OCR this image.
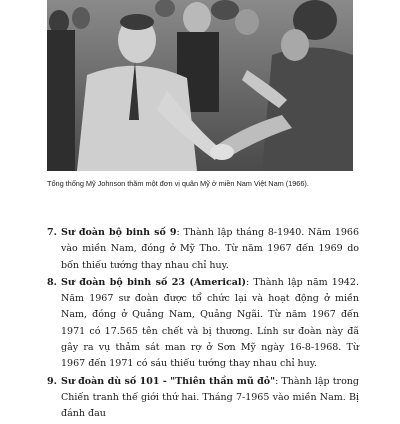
Tổng thống Mỹ Johnson thăm một đơn vị quân Mỹ ở miền Nam Việt Nam (1966).
7. Sư đoàn bộ binh số 9: Thành lập tháng 8-1940. Năm 1966 vào miền Nam, đóng ở Mỹ Tho. Từ năm 1967 đến 1969 do bốn thiếu tướng thay nhau chỉ huy.
8. Sư đoàn bộ binh số 23 (Americal): Thành lập năm 1942. Năm 1967 sư đoàn được tổ chức lại và hoạt động ở miền Nam, đóng ở Quảng Nam, Quảng Ngãi. Từ năm 1967 đến 1971 có 17.565 tên chết và bị thương. Lính sư đoàn này đã gây ra vụ thảm sát man rợ ở Sơn Mỹ ngày 16-8-1968. Từ 1967 đến 1971 có sáu thiếu tướng thay nhau chỉ huy.
9. Sư đoàn dù số 101 - "Thiên thần mũ đỏ": Thành lập trong Chiến tranh thế giới thứ hai. Tháng 7-1965 vào miền Nam. Bị đánh đau
